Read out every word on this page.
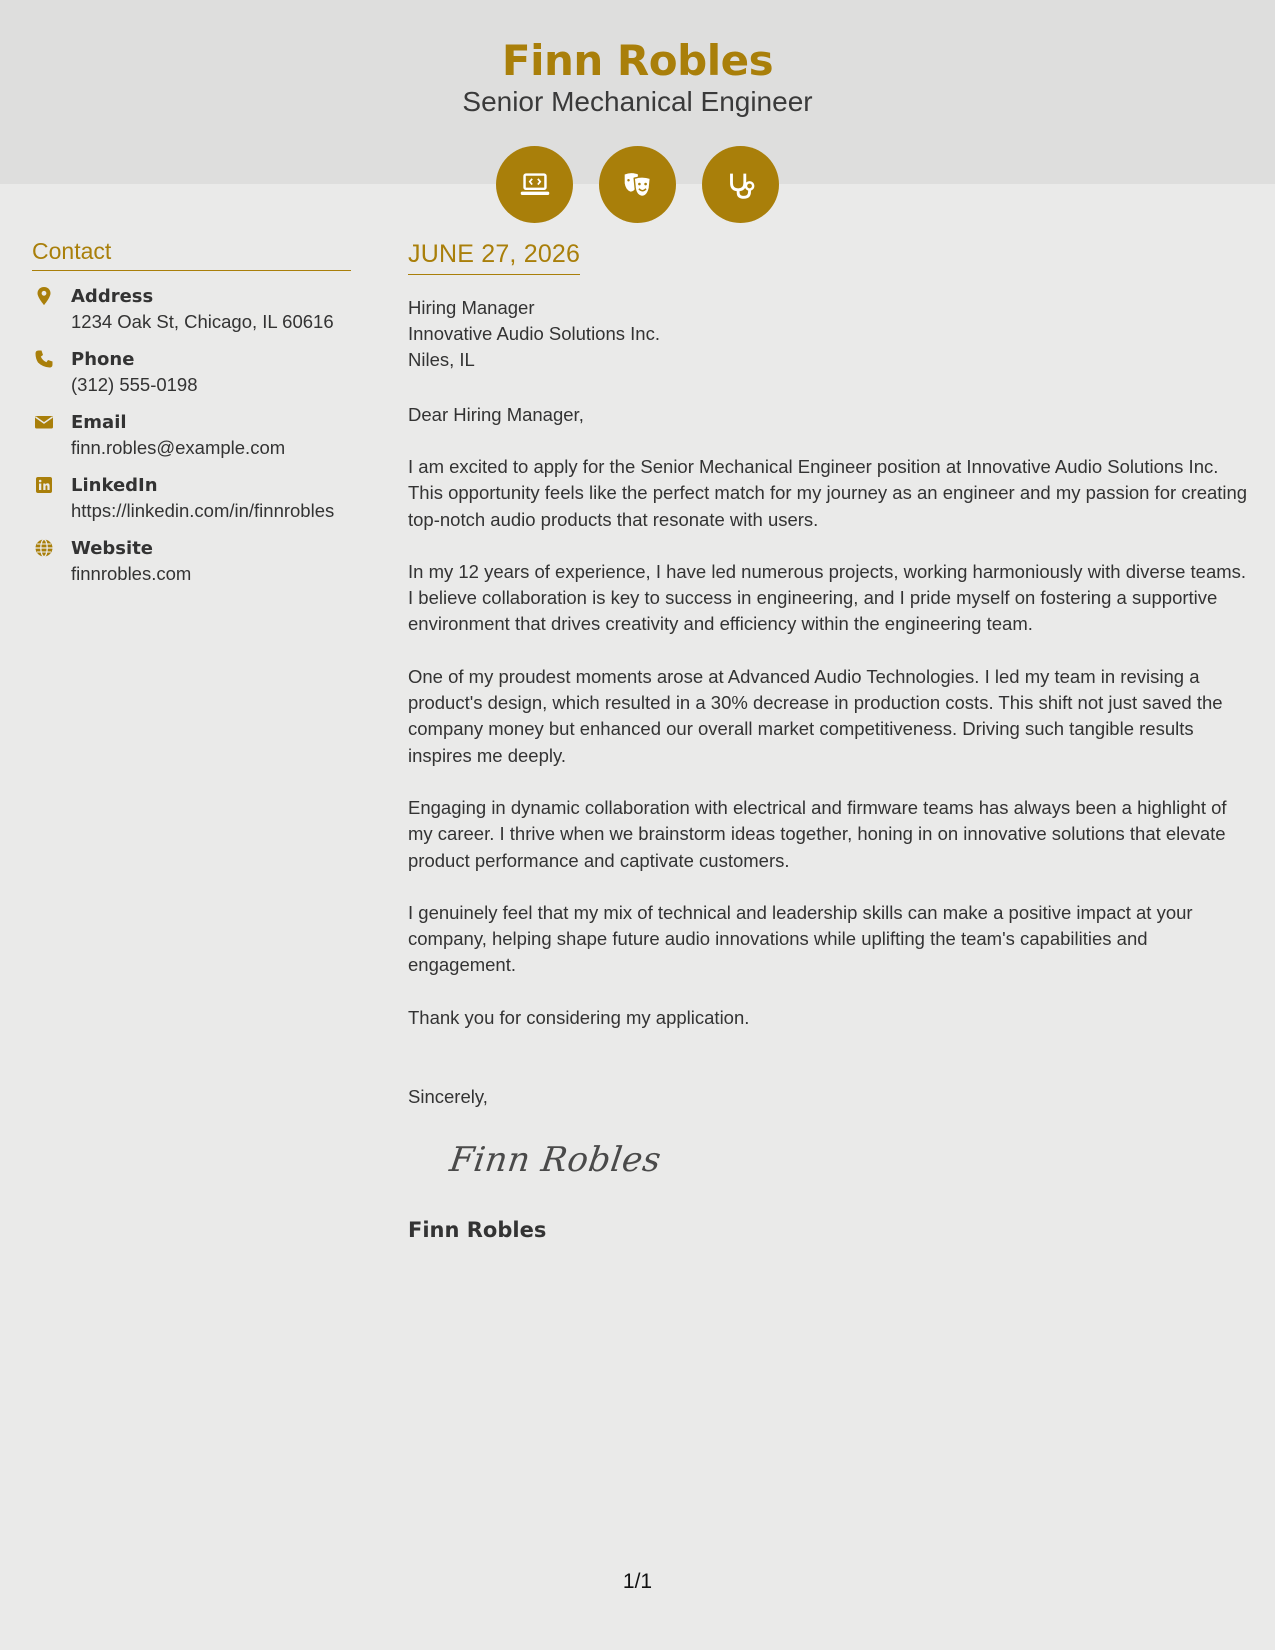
Finn Robles
Senior Mechanical Engineer
Contact
Address
1234 Oak St, Chicago, IL 60616
Phone
(312) 555-0198
Email
finn.robles@example.com
LinkedIn
https://linkedin.com/in/finnrobles
Website
finnrobles.com
JUNE 27, 2026
Hiring Manager
Innovative Audio Solutions Inc.
Niles, IL
Dear Hiring Manager,
I am excited to apply for the Senior Mechanical Engineer position at Innovative Audio Solutions Inc. This opportunity feels like the perfect match for my journey as an engineer and my passion for creating top-notch audio products that resonate with users.
In my 12 years of experience, I have led numerous projects, working harmoniously with diverse teams. I believe collaboration is key to success in engineering, and I pride myself on fostering a supportive environment that drives creativity and efficiency within the engineering team.
One of my proudest moments arose at Advanced Audio Technologies. I led my team in revising a product's design, which resulted in a 30% decrease in production costs. This shift not just saved the company money but enhanced our overall market competitiveness. Driving such tangible results inspires me deeply.
Engaging in dynamic collaboration with electrical and firmware teams has always been a highlight of my career. I thrive when we brainstorm ideas together, honing in on innovative solutions that elevate product performance and captivate customers.
I genuinely feel that my mix of technical and leadership skills can make a positive impact at your company, helping shape future audio innovations while uplifting the team's capabilities and engagement.
Thank you for considering my application.
Sincerely,
Finn Robles
Finn Robles
1/1
